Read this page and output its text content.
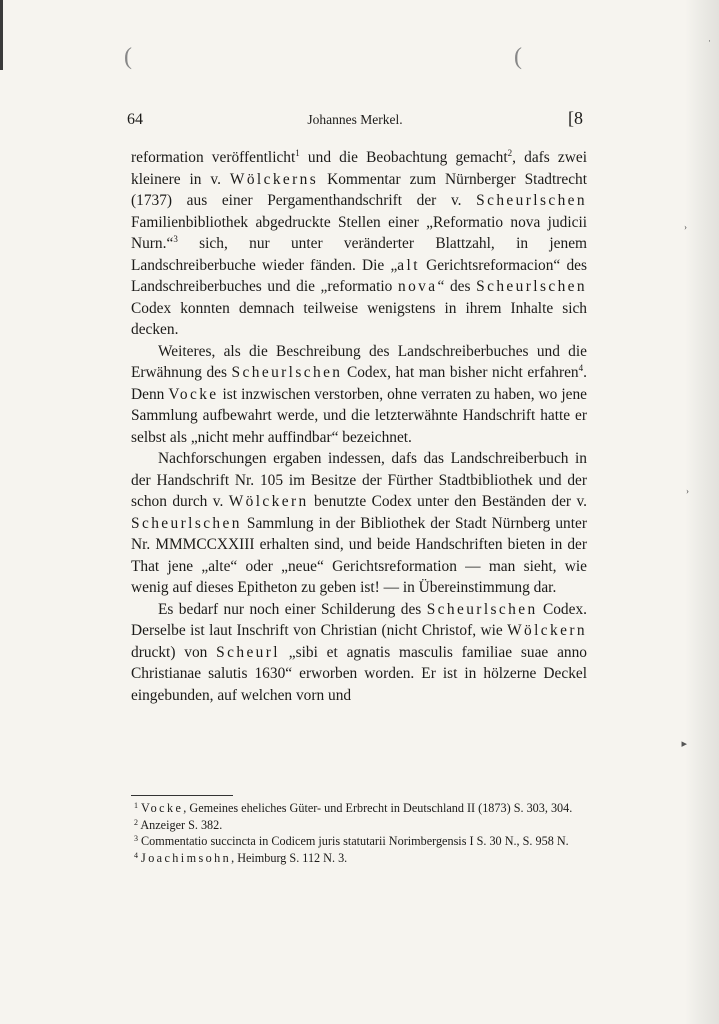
·
›
›
▸
(	(
64	Johannes Merkel.	[8

reformation veröffentlicht$^1$ und die Beobachtung gemacht$^2$, dafs zwei kleinere in v. Wölckerns Kommentar zum Nürnberger Stadtrecht (1737) aus einer Pergamenthandschrift der v. Scheurlschen Familienbibliothek abgedruckte Stellen einer „Reformatio nova judicii Nurn.“$^3$ sich, nur unter veränderter Blattzahl, in jenem Landschreiberbuche wieder fänden. Die „alt Gerichtsreformacion“ des Landschreiberbuches und die „reformatio nova“ des Scheurlschen Codex konnten demnach teilweise wenigstens in ihrem Inhalte sich decken.

Weiteres, als die Beschreibung des Landschreiberbuches und die Erwähnung des Scheurlschen Codex, hat man bisher nicht erfahren$^4$. Denn Vocke ist inzwischen verstorben, ohne verraten zu haben, wo jene Sammlung aufbewahrt werde, und die letzterwähnte Handschrift hatte er selbst als „nicht mehr auffindbar“ bezeichnet.

Nachforschungen ergaben indessen, dafs das Landschreiberbuch in der Handschrift Nr. 105 im Besitze der Fürther Stadtbibliothek und der schon durch v. Wölckern benutzte Codex unter den Beständen der v. Scheurlschen Sammlung in der Bibliothek der Stadt Nürnberg unter Nr. MMMCCXXIII erhalten sind, und beide Handschriften bieten in der That jene „alte“ oder „neue“ Gerichtsreformation — man sieht, wie wenig auf dieses Epitheton zu geben ist! — in Übereinstimmung dar.

Es bedarf nur noch einer Schilderung des Scheurlschen Codex. Derselbe ist laut Inschrift von Christian (nicht Christof, wie Wölckern druckt) von Scheurl „sibi et agnatis masculis familiae suae anno Christianae salutis 1630“ erworben worden. Er ist in hölzerne Deckel eingebunden, auf welchen vorn und

$^1$ Vocke, Gemeines eheliches Güter- und Erbrecht in Deutschland II (1873) S. 303, 304.

$^2$ Anzeiger S. 382.

$^3$ Commentatio succincta in Codicem juris statutarii Norimbergensis I S. 30 N., S. 958 N.

$^4$ Joachimsohn, Heimburg S. 112 N. 3.
